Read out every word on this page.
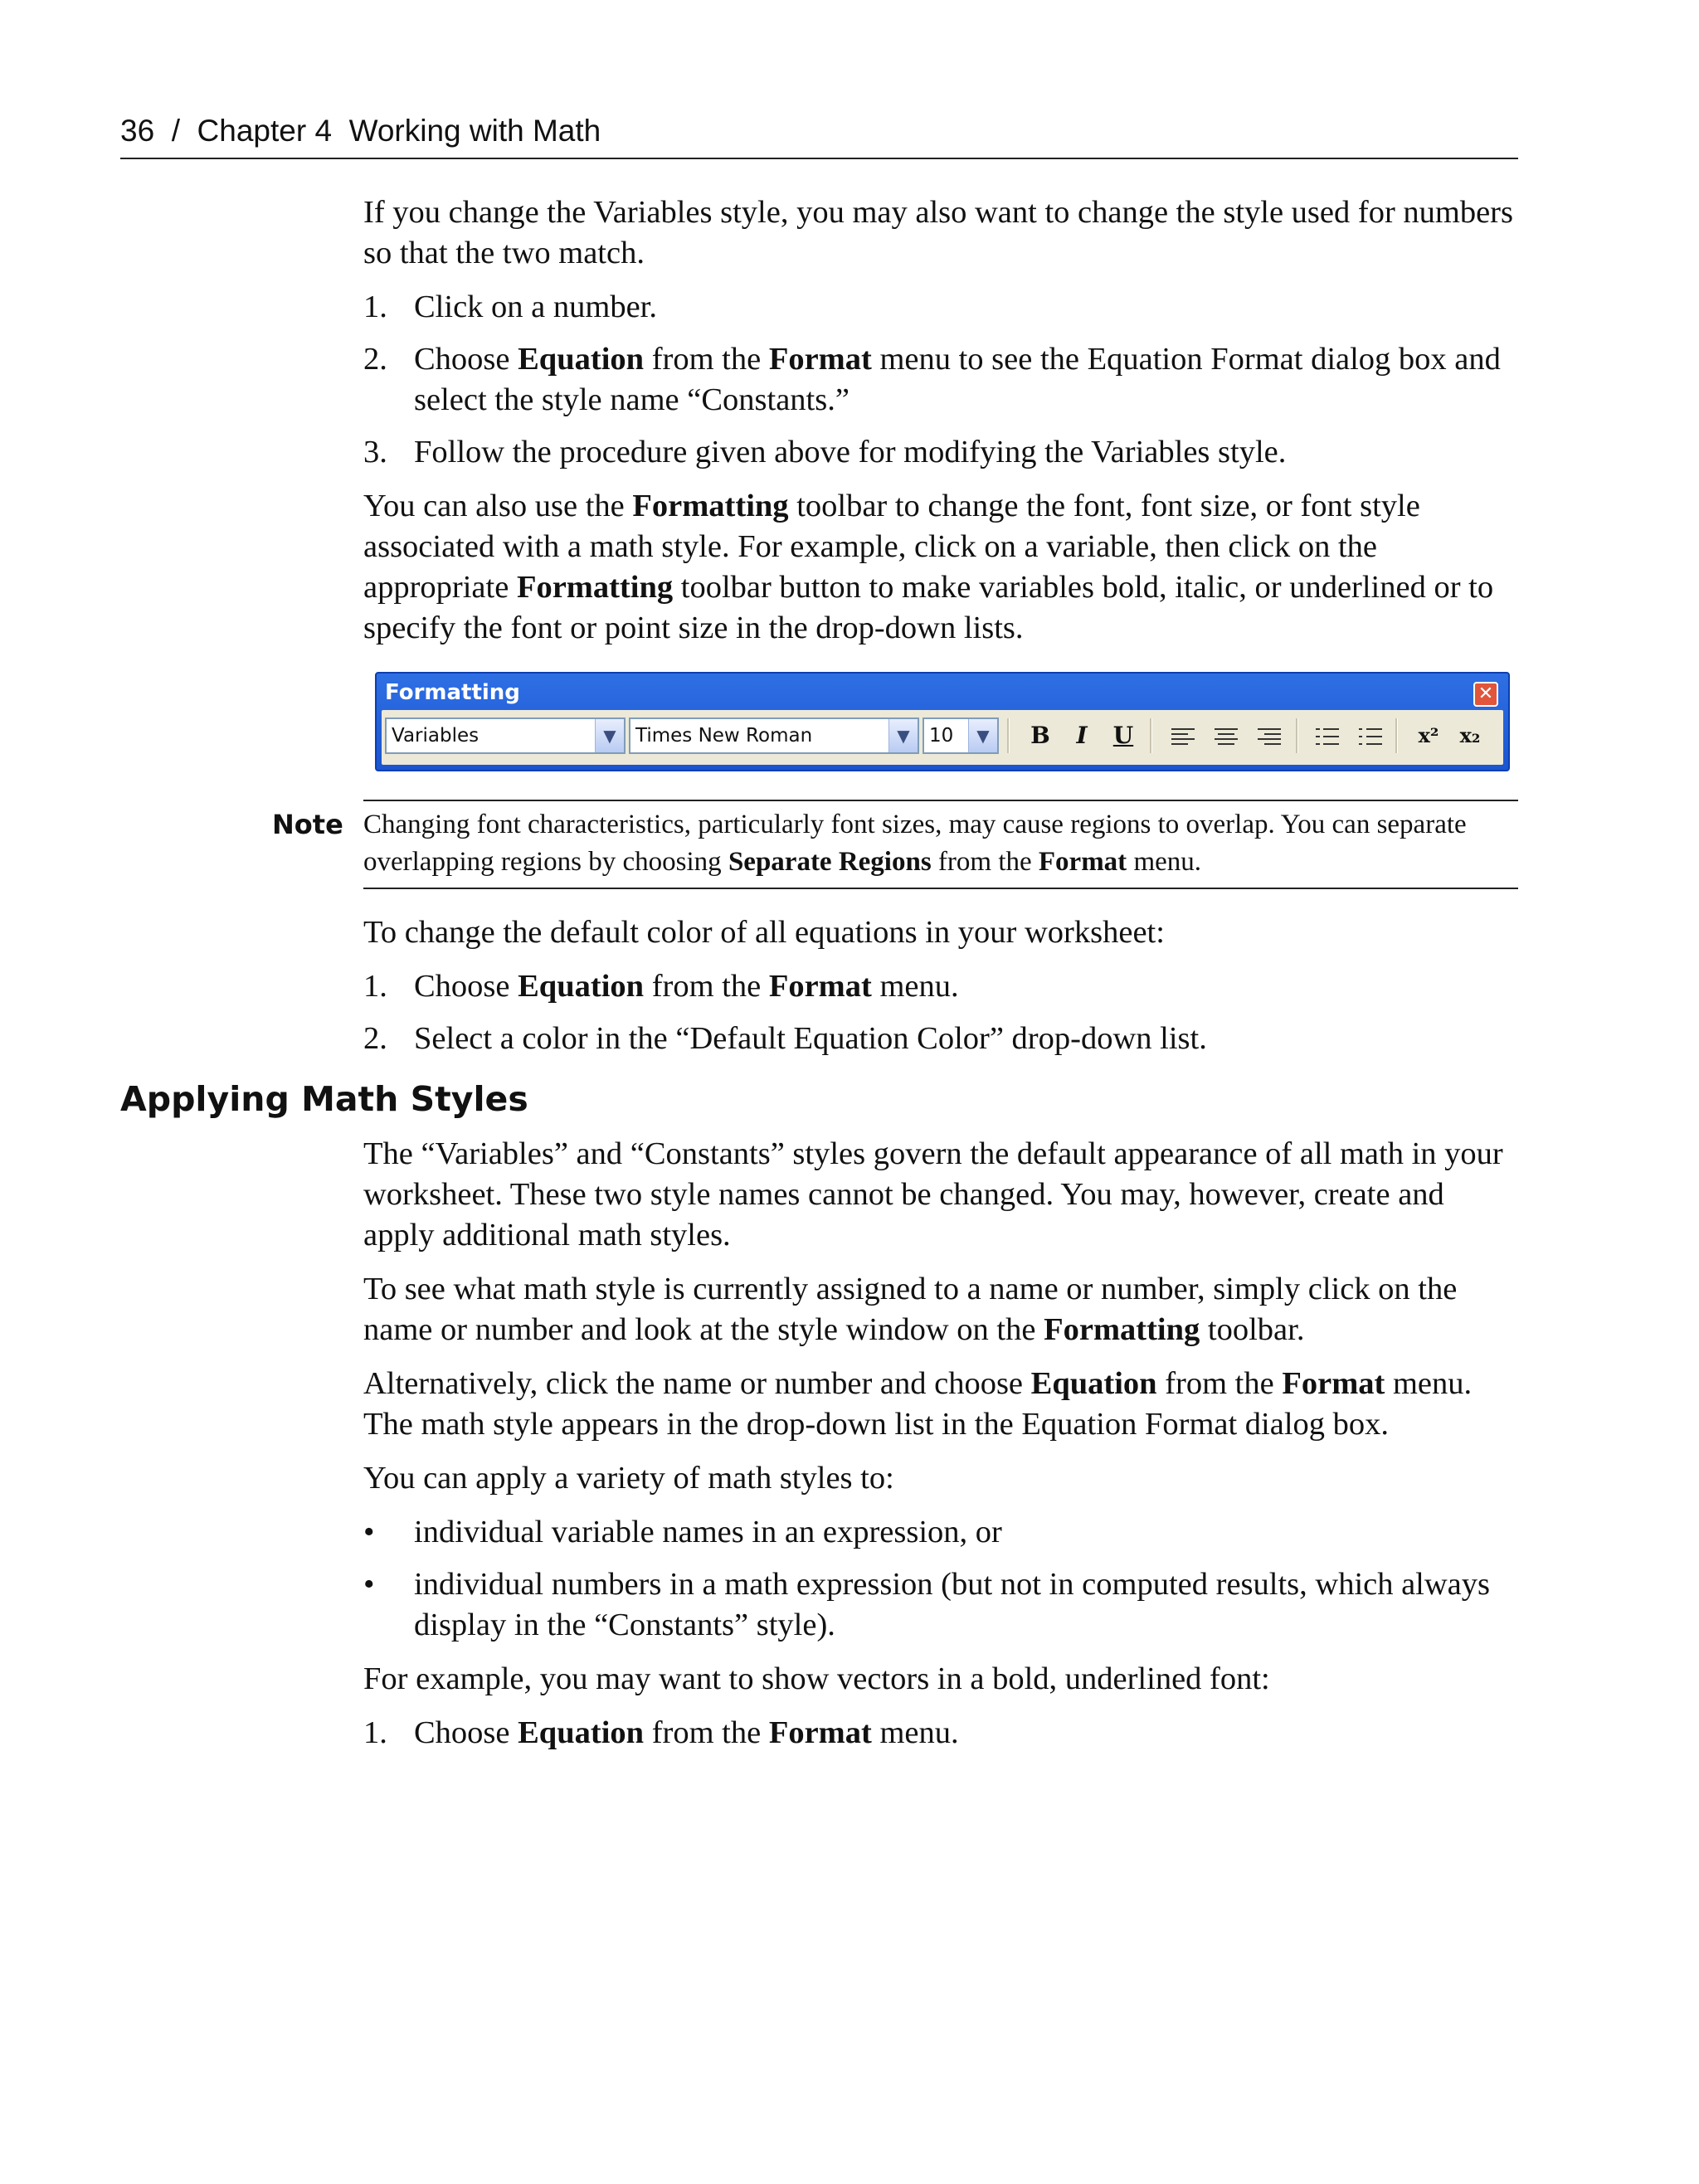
36  /  Chapter 4  Working with Math

If you change the Variables style, you may also want to change the style used for numbers so that the two match.

1. Click on a number.
2. Choose Equation from the Format menu to see the Equation Format dialog box and select the style name “Constants.”
3. Follow the procedure given above for modifying the Variables style.

You can also use the Formatting toolbar to change the font, font size, or font style associated with a math style. For example, click on a variable, then click on the appropriate Formatting toolbar button to make variables bold, italic, or underlined or to specify the font or point size in the drop-down lists.

Formatting	✕
Variables	▼	Times New Roman	▼	10	▼	B	I	U	x²	x₂
Note Changing font characteristics, particularly font sizes, may cause regions to overlap. You can separate overlapping regions by choosing Separate Regions from the Format menu.

To change the default color of all equations in your worksheet:

1. Choose Equation from the Format menu.
2. Select a color in the “Default Equation Color” drop-down list.
Applying Math Styles

The “Variables” and “Constants” styles govern the default appearance of all math in your worksheet. These two style names cannot be changed. You may, however, create and apply additional math styles.

To see what math style is currently assigned to a name or number, simply click on the name or number and look at the style window on the Formatting toolbar.

Alternatively, click the name or number and choose Equation from the Format menu. The math style appears in the drop-down list in the Equation Format dialog box.

You can apply a variety of math styles to:

• individual variable names in an expression, or
• individual numbers in a math expression (but not in computed results, which always display in the “Constants” style).

For example, you may want to show vectors in a bold, underlined font:

1. Choose Equation from the Format menu.
